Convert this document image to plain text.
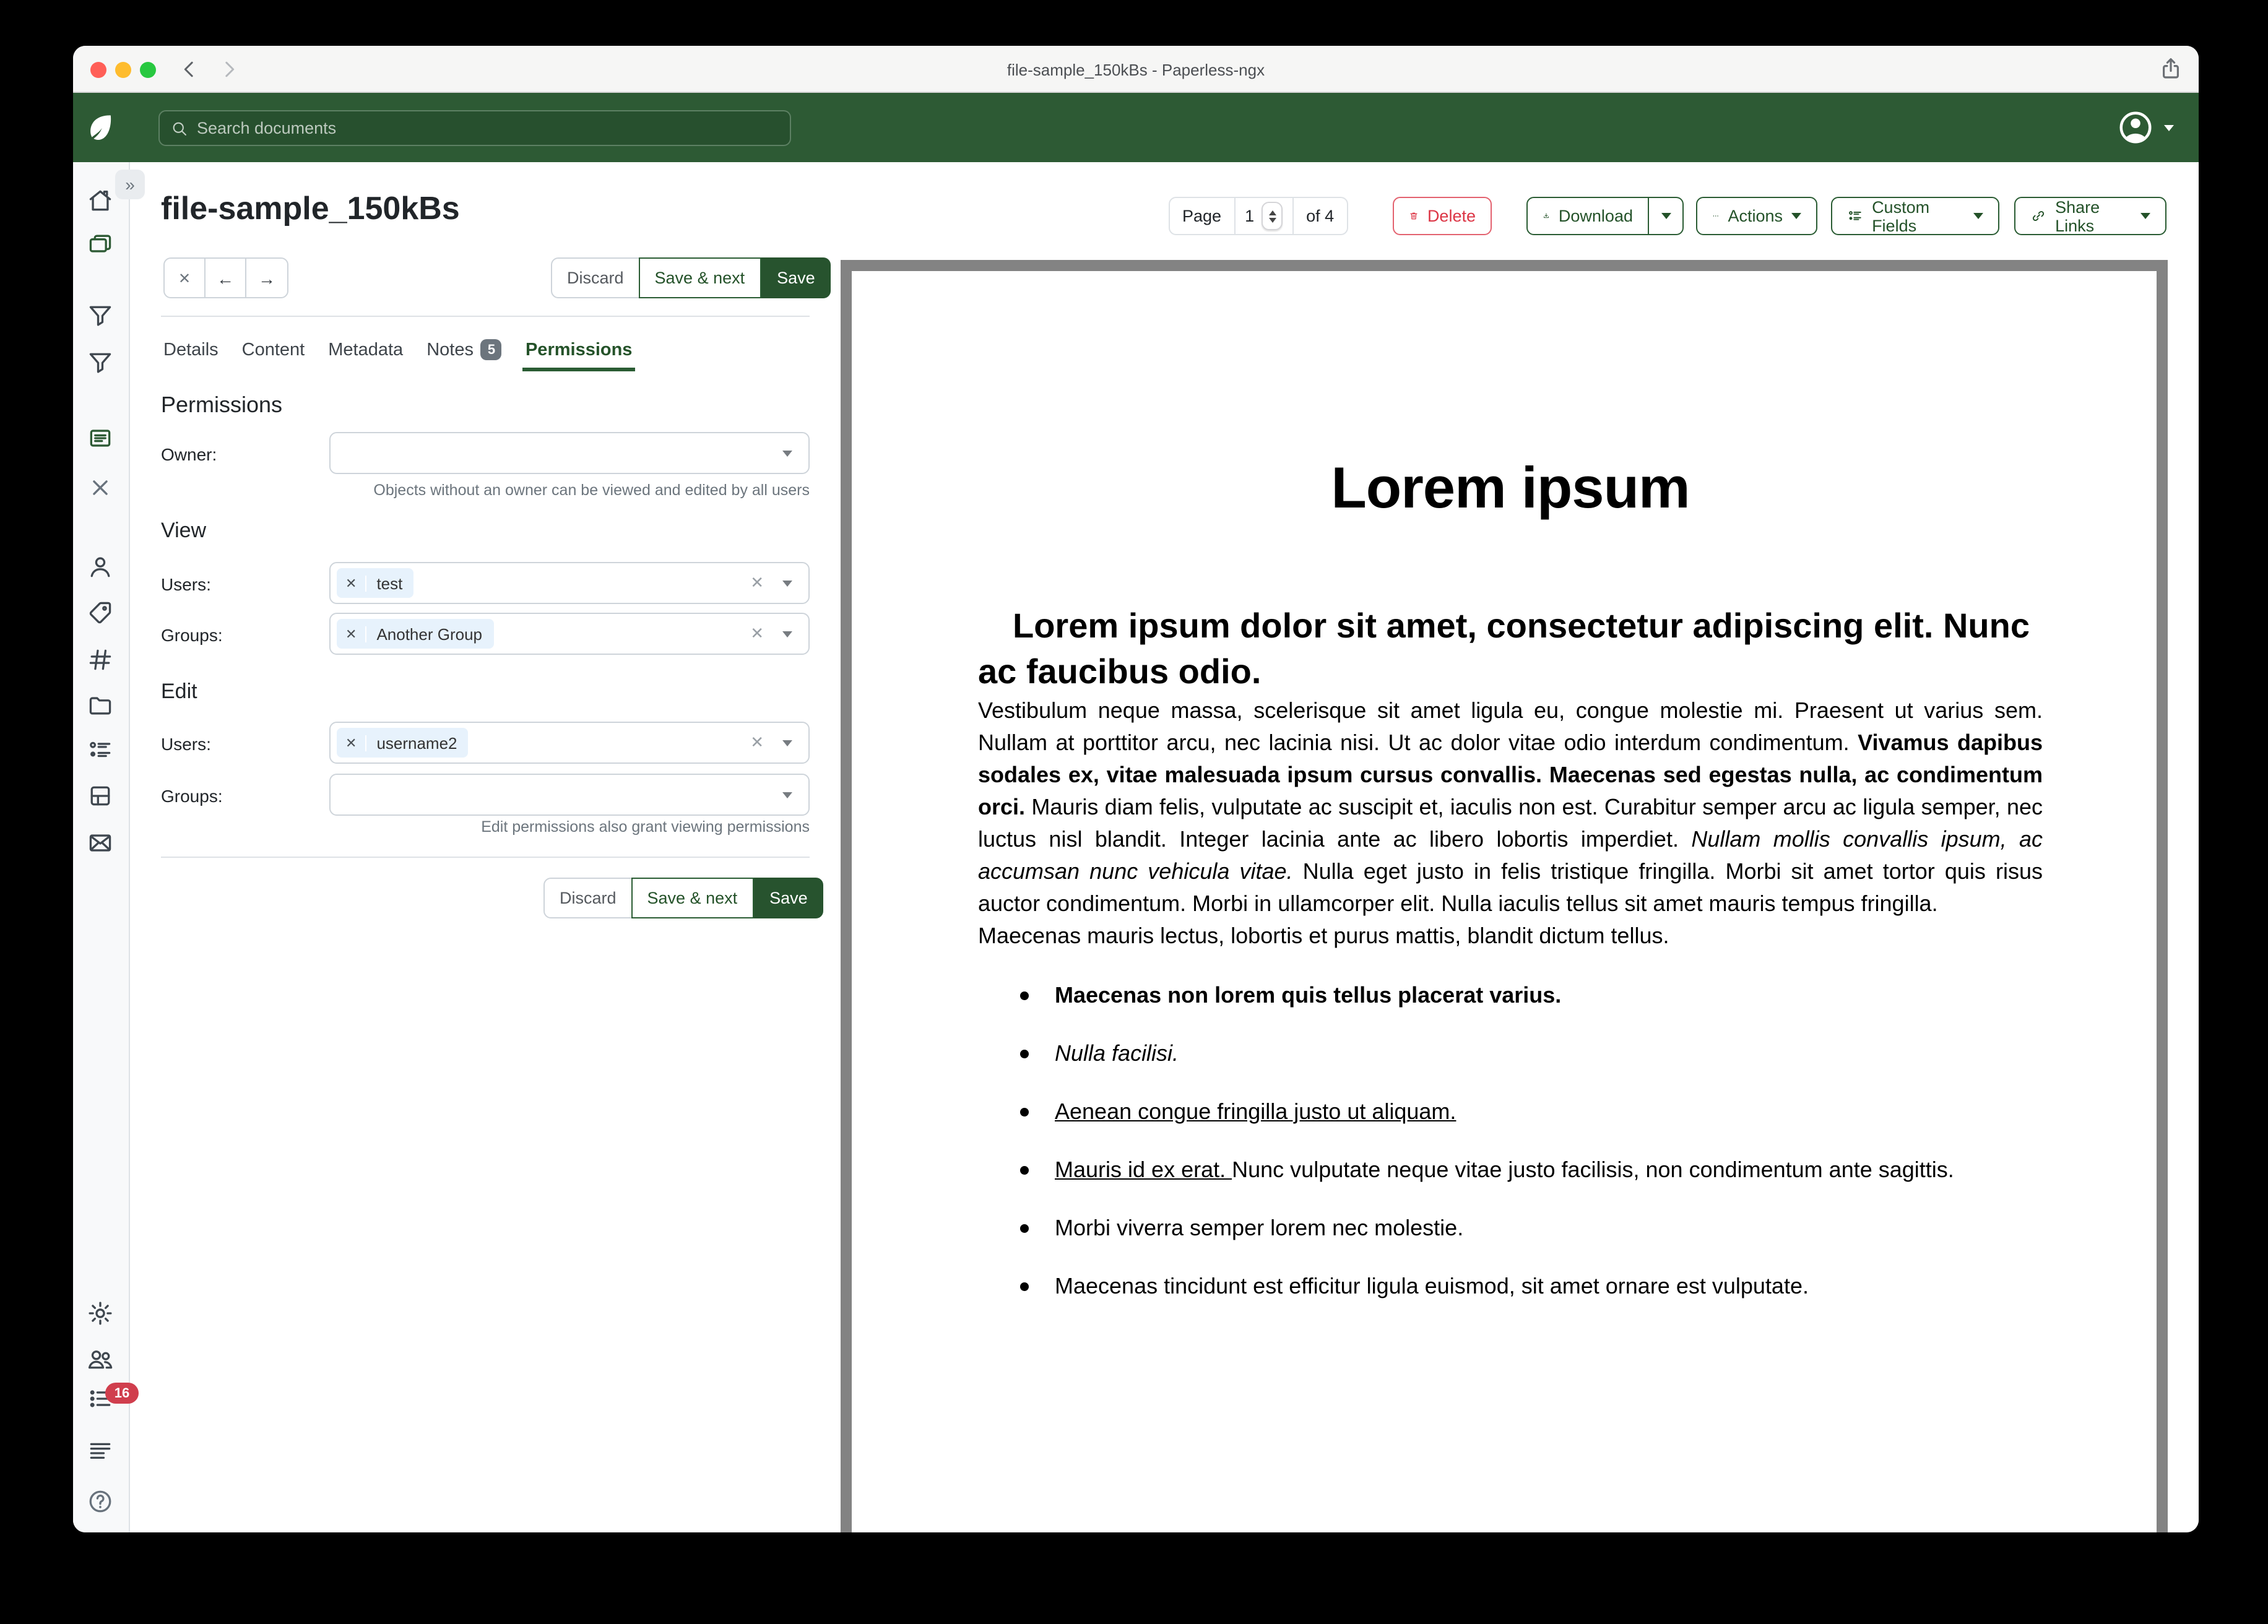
file-sample_150kBs - Paperless-ngx
Search documents
16
»
file-sample_150kBs	Page	1	of 4	Delete	Download	Actions	Custom Fields
Share Links
✕	←	→	Discard	Save & next	Save
Details	Content	Metadata	Notes	5	Permissions
Permissions
Owner:
Objects without an owner can be viewed and edited by all users
View
Users: ✕	test
✕
Groups: ✕	Another Group
✕
Edit
Users: ✕	username2
✕
Groups:
Edit permissions also grant viewing permissions
Discard	Save & next	Save
Lorem ipsum
Lorem ipsum dolor sit amet, consectetur adipiscing elit. Nunc ac faucibus odio.

Vestibulum neque massa, scelerisque sit amet ligula eu, congue molestie mi. Praesent ut varius sem. Nullam at porttitor arcu, nec lacinia nisi. Ut ac dolor vitae odio interdum condimentum. Vivamus dapibus sodales ex, vitae malesuada ipsum cursus convallis. Maecenas sed egestas nulla, ac condimentum orci. Mauris diam felis, vulputate ac suscipit et, iaculis non est. Curabitur semper arcu ac ligula semper, nec luctus nisl blandit. Integer lacinia ante ac libero lobortis imperdiet. Nullam mollis convallis ipsum, ac accumsan nunc vehicula vitae. Nulla eget justo in felis tristique fringilla. Morbi sit amet tortor quis risus auctor condimentum. Morbi in ullamcorper elit. Nulla iaculis tellus sit amet mauris tempus fringilla.

Maecenas mauris lectus, lobortis et purus mattis, blandit dictum tellus.

Maecenas non lorem quis tellus placerat varius.
Nulla facilisi.
Aenean congue fringilla justo ut aliquam.
Mauris id ex erat. Nunc vulputate neque vitae justo facilisis, non condimentum ante sagittis.
Morbi viverra semper lorem nec molestie.
Maecenas tincidunt est efficitur ligula euismod, sit amet ornare est vulputate.
